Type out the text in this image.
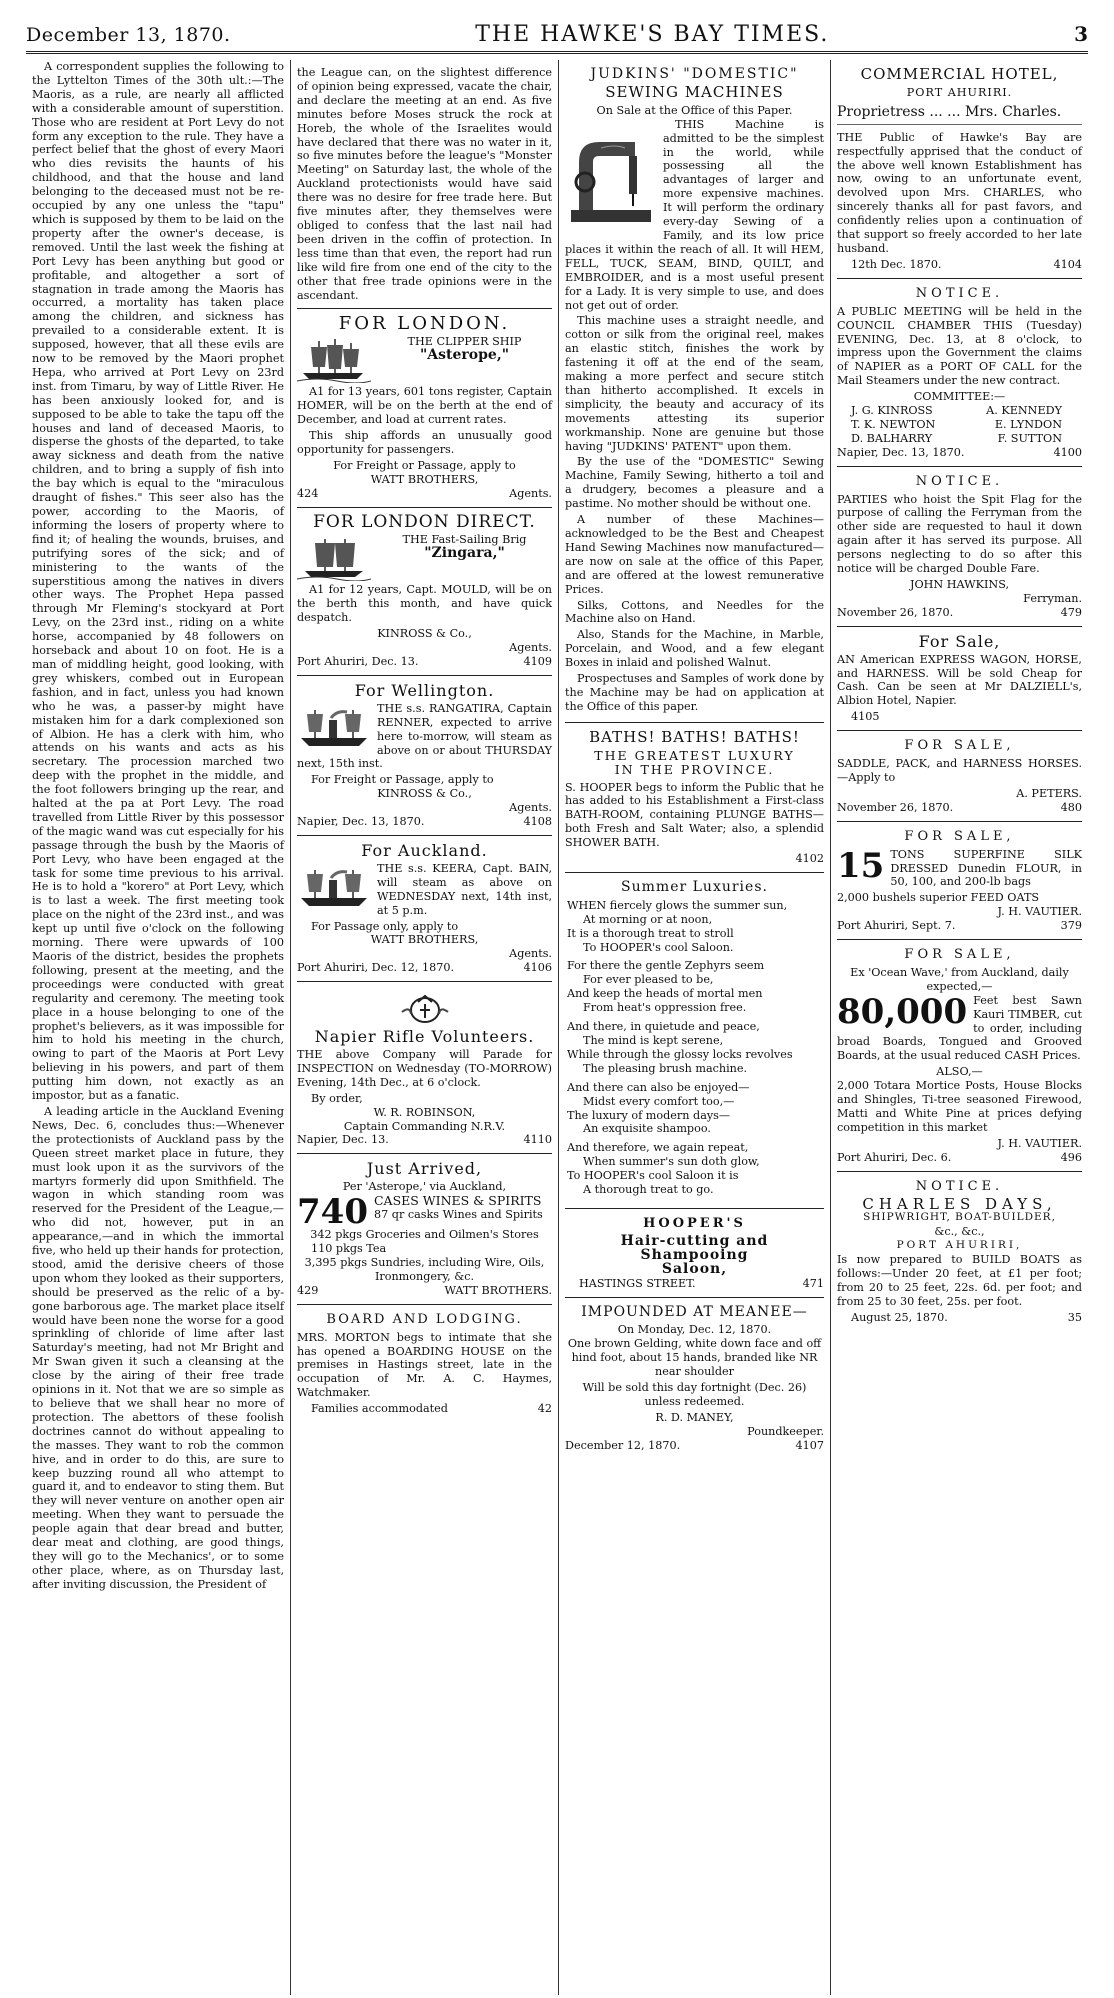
December 13, 1870.	THE HAWKE'S BAY TIMES.	3

A correspondent supplies the following to the Lyttelton Times of the 30th ult.:—The Maoris, as a rule, are nearly all afflicted with a considerable amount of superstition. Those who are resident at Port Levy do not form any exception to the rule. They have a perfect belief that the ghost of every Maori who dies revisits the haunts of his childhood, and that the house and land belonging to the deceased must not be re-occupied by any one unless the "tapu" which is supposed by them to be laid on the property after the owner's decease, is removed. Until the last week the fishing at Port Levy has been anything but good or profitable, and altogether a sort of stagnation in trade among the Maoris has occurred, a mortality has taken place among the children, and sickness has prevailed to a considerable extent. It is supposed, however, that all these evils are now to be removed by the Maori prophet Hepa, who arrived at Port Levy on 23rd inst. from Timaru, by way of Little River. He has been anxiously looked for, and is supposed to be able to take the tapu off the houses and land of deceased Maoris, to disperse the ghosts of the departed, to take away sickness and death from the native children, and to bring a supply of fish into the bay which is equal to the "miraculous draught of fishes." This seer also has the power, according to the Maoris, of informing the losers of property where to find it; of healing the wounds, bruises, and putrifying sores of the sick; and of ministering to the wants of the superstitious among the natives in divers other ways. The Prophet Hepa passed through Mr Fleming's stockyard at Port Levy, on the 23rd inst., riding on a white horse, accompanied by 48 followers on horseback and about 10 on foot. He is a man of middling height, good looking, with grey whiskers, combed out in European fashion, and in fact, unless you had known who he was, a passer-by might have mistaken him for a dark complexioned son of Albion. He has a clerk with him, who attends on his wants and acts as his secretary. The procession marched two deep with the prophet in the middle, and the foot followers bringing up the rear, and halted at the pa at Port Levy. The road travelled from Little River by this possessor of the magic wand was cut especially for his passage through the bush by the Maoris of Port Levy, who have been engaged at the task for some time previous to his arrival. He is to hold a "korero" at Port Levy, which is to last a week. The first meeting took place on the night of the 23rd inst., and was kept up until five o'clock on the following morning. There were upwards of 100 Maoris of the district, besides the prophets following, present at the meeting, and the proceedings were conducted with great regularity and ceremony. The meeting took place in a house belonging to one of the prophet's believers, as it was impossible for him to hold his meeting in the church, owing to part of the Maoris at Port Levy believing in his powers, and part of them putting him down, not exactly as an impostor, but as a fanatic.

A leading article in the Auckland Evening News, Dec. 6, concludes thus:—Whenever the protectionists of Auckland pass by the Queen street market place in future, they must look upon it as the survivors of the martyrs formerly did upon Smithfield. The wagon in which standing room was reserved for the President of the League,—who did not, however, put in an appearance,—and in which the immortal five, who held up their hands for protection, stood, amid the derisive cheers of those upon whom they looked as their supporters, should be preserved as the relic of a by-gone barborous age. The market place itself would have been none the worse for a good sprinkling of chloride of lime after last Saturday's meeting, had not Mr Bright and Mr Swan given it such a cleansing at the close by the airing of their free trade opinions in it. Not that we are so simple as to believe that we shall hear no more of protection. The abettors of these foolish doctrines cannot do without appealing to the masses. They want to rob the common hive, and in order to do this, are sure to keep buzzing round all who attempt to guard it, and to endeavor to sting them. But they will never venture on another open air meeting. When they want to persuade the people again that dear bread and butter, dear meat and clothing, are good things, they will go to the Mechanics', or to some other place, where, as on Thursday last, after inviting discussion, the President of

the League can, on the slightest difference of opinion being expressed, vacate the chair, and declare the meeting at an end. As five minutes before Moses struck the rock at Horeb, the whole of the Israelites would have declared that there was no water in it, so five minutes before the league's "Monster Meeting" on Saturday last, the whole of the Auckland protectionists would have said there was no desire for free trade here. But five minutes after, they themselves were obliged to confess that the last nail had been driven in the coffin of protection. In less time than that even, the report had run like wild fire from one end of the city to the other that free trade opinions were in the ascendant.
FOR LONDON.
THE CLIPPER SHIP
"Asterope,"

A1 for 13 years, 601 tons register, Captain HOMER, will be on the berth at the end of December, and load at current rates.

This ship affords an unusually good opportunity for passengers.

For Freight or Passage, apply to
WATT BROTHERS,
424	Agents.
FOR LONDON DIRECT.
THE Fast-Sailing Brig
"Zingara,"

A1 for 12 years, Capt. MOULD, will be on the berth this month, and have quick despatch.

KINROSS & Co.,
Agents.
Port Ahuriri, Dec. 13.	4109
For Wellington.

THE s.s. RANGATIRA, Captain RENNER, expected to arrive here to-morrow, will steam as above on or about THURSDAY next, 15th inst.

For Freight or Passage, apply to
KINROSS & Co.,
Agents.
Napier, Dec. 13, 1870.	4108
For Auckland.

THE s.s. KEERA, Capt. BAIN, will steam as above on WEDNESDAY next, 14th inst, at 5 p.m.

For Passage only, apply to
WATT BROTHERS,
Agents.
Port Ahuriri, Dec. 12, 1870.	4106
Napier Rifle Volunteers.

THE above Company will Parade for INSPECTION on Wednesday (TO-MORROW) Evening, 14th Dec., at 6 o'clock.

By order,
W. R. ROBINSON,
Captain Commanding N.R.V.
Napier, Dec. 13.	4110
Just Arrived,
Per 'Asterope,' via Auckland,
740 CASES WINES & SPIRITS
87 qr casks Wines and Spirits
342 pkgs Groceries and Oilmen's Stores
110 pkgs Tea
3,395 pkgs Sundries, including Wire, Oils, Ironmongery, &c.
429	WATT BROTHERS.
BOARD AND LODGING.

MRS. MORTON begs to intimate that she has opened a BOARDING HOUSE on the premises in Hastings street, late in the occupation of Mr. A. C. Haymes, Watchmaker.

Families accommodated	42
JUDKINS' "DOMESTIC"
SEWING MACHINES
On Sale at the Office of this Paper.

THIS Machine is admitted to be the simplest in the world, while possessing all the advantages of larger and more expensive machines. It will perform the ordinary every-day Sewing of a Family, and its low price places it within the reach of all. It will HEM, FELL, TUCK, SEAM, BIND, QUILT, and EMBROIDER, and is a most useful present for a Lady. It is very simple to use, and does not get out of order.

This machine uses a straight needle, and cotton or silk from the original reel, makes an elastic stitch, finishes the work by fastening it off at the end of the seam, making a more perfect and secure stitch than hitherto accomplished. It excels in simplicity, the beauty and accuracy of its movements attesting its superior workmanship. None are genuine but those having "JUDKINS' PATENT" upon them.

By the use of the "DOMESTIC" Sewing Machine, Family Sewing, hitherto a toil and a drudgery, becomes a pleasure and a pastime. No mother should be without one.

A number of these Machines—acknowledged to be the Best and Cheapest Hand Sewing Machines now manufactured—are now on sale at the office of this Paper, and are offered at the lowest remunerative Prices.

Silks, Cottons, and Needles for the Machine also on Hand.

Also, Stands for the Machine, in Marble, Porcelain, and Wood, and a few elegant Boxes in inlaid and polished Walnut.

Prospectuses and Samples of work done by the Machine may be had on application at the Office of this paper.

BATHS! BATHS! BATHS!
THE GREATEST LUXURY
IN THE PROVINCE.

S. HOOPER begs to inform the Public that he has added to his Establishment a First-class BATH-ROOM, containing PLUNGE BATHS—both Fresh and Salt Water; also, a splendid SHOWER BATH.

4102
Summer Luxuries.
WHEN fiercely glows the summer sun,
At morning or at noon,
It is a thorough treat to stroll
To HOOPER's cool Saloon.
For there the gentle Zephyrs seem
For ever pleased to be,
And keep the heads of mortal men
From heat's oppression free.
And there, in quietude and peace,
The mind is kept serene,
While through the glossy locks revolves
The pleasing brush machine.
And there can also be enjoyed—
Midst every comfort too,—
The luxury of modern days—
An exquisite shampoo.
And therefore, we again repeat,
When summer's sun doth glow,
To HOOPER's cool Saloon it is
A thorough treat to go.
HOOPER'S
Hair-cutting and Shampooing
Saloon,
HASTINGS STREET.	471
IMPOUNDED AT MEANEE—
On Monday, Dec. 12, 1870.

One brown Gelding, white down face and off hind foot, about 15 hands, branded like NR near shoulder

Will be sold this day fortnight (Dec. 26) unless redeemed.

R. D. MANEY,
Poundkeeper.
December 12, 1870.	4107
COMMERCIAL HOTEL,
PORT AHURIRI.
Proprietress ... ... Mrs. Charles.

THE Public of Hawke's Bay are respectfully apprised that the conduct of the above well known Establishment has now, owing to an unfortunate event, devolved upon Mrs. CHARLES, who sincerely thanks all for past favors, and confidently relies upon a continuation of that support so freely accorded to her late husband.

12th Dec. 1870.	4104
NOTICE.

A PUBLIC MEETING will be held in the COUNCIL CHAMBER THIS (Tuesday) EVENING, Dec. 13, at 8 o'clock, to impress upon the Government the claims of NAPIER as a PORT OF CALL for the Mail Steamers under the new contract.

COMMITTEE:—
J. G. KINROSS	A. KENNEDY
T. K. NEWTON	E. LYNDON
D. BALHARRY	F. SUTTON
Napier, Dec. 13, 1870.	4100
NOTICE.

PARTIES who hoist the Spit Flag for the purpose of calling the Ferryman from the other side are requested to haul it down again after it has served its purpose. All persons neglecting to do so after this notice will be charged Double Fare.

JOHN HAWKINS,
Ferryman.
November 26, 1870.	479
For Sale,

AN American EXPRESS WAGON, HORSE, and HARNESS. Will be sold Cheap for Cash. Can be seen at Mr DALZIELL's, Albion Hotel, Napier.

4105
FOR SALE,

SADDLE, PACK, and HARNESS HORSES.—Apply to

A. PETERS.
November 26, 1870.	480
FOR SALE,
15 TONS SUPERFINE SILK DRESSED Dunedin FLOUR, in 50, 100, and 200-lb bags

2,000 bushels superior FEED OATS
J. H. VAUTIER.
Port Ahuriri, Sept. 7.	379
FOR SALE,
Ex 'Ocean Wave,' from Auckland, daily expected,—
80,000 Feet best Sawn Kauri TIMBER, cut to order, including broad Boards, Tongued and Grooved Boards, at the usual reduced CASH Prices.

ALSO,—

2,000 Totara Mortice Posts, House Blocks and Shingles, Ti-tree seasoned Firewood, Matti and White Pine at prices defying competition in this market

J. H. VAUTIER.
Port Ahuriri, Dec. 6.	496
NOTICE.
CHARLES DAYS,
SHIPWRIGHT, BOAT-BUILDER,
&c., &c.,
PORT AHURIRI,

Is now prepared to BUILD BOATS as follows:—Under 20 feet, at £1 per foot; from 20 to 25 feet, 22s. 6d. per foot; and from 25 to 30 feet, 25s. per foot.

August 25, 1870.	35
